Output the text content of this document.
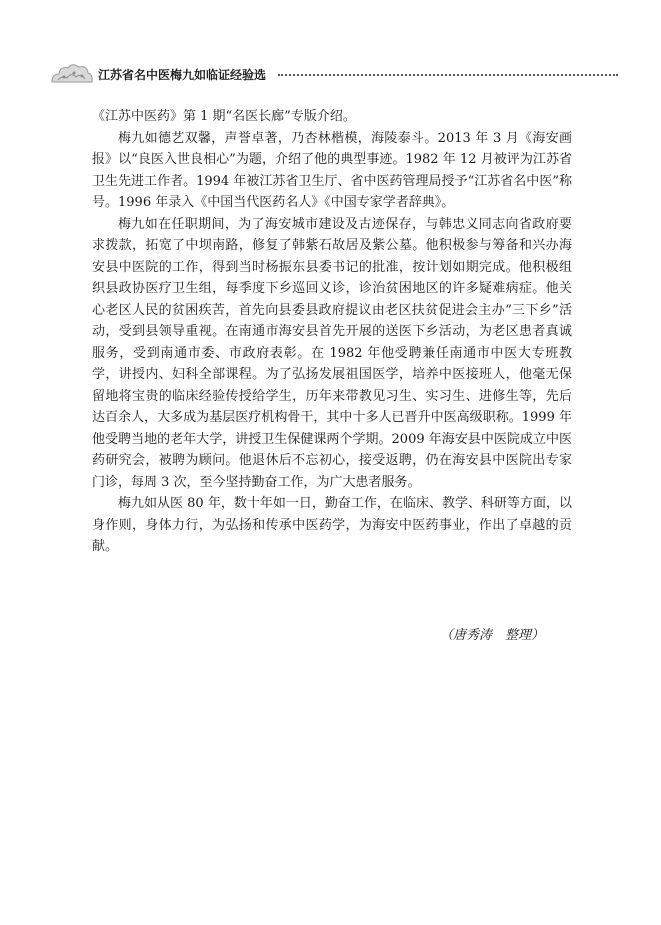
江苏省名中医梅九如临证经验选

《江苏中医药》第 1 期“名医长廊”专版介绍。

梅九如德艺双馨，声誉卓著，乃杏林楷模，海陵泰斗。2013 年 3 月《海安画报》以“良医入世良相心”为题，介绍了他的典型事迹。1982 年 12 月被评为江苏省卫生先进工作者。1994 年被江苏省卫生厅、省中医药管理局授予“江苏省名中医”称号。1996 年录入《中国当代医药名人》《中国专家学者辞典》。

梅九如在任职期间，为了海安城市建设及古迹保存，与韩忠义同志向省政府要求拨款，拓宽了中坝南路，修复了韩紫石故居及紫公墓。他积极参与筹备和兴办海安县中医院的工作，得到当时杨振东县委书记的批准，按计划如期完成。他积极组织县政协医疗卫生组，每季度下乡巡回义诊，诊治贫困地区的许多疑难病症。他关心老区人民的贫困疾苦，首先向县委县政府提议由老区扶贫促进会主办“三下乡”活动，受到县领导重视。在南通市海安县首先开展的送医下乡活动，为老区患者真诚服务，受到南通市委、市政府表彰。在 1982 年他受聘兼任南通市中医大专班教学，讲授内、妇科全部课程。为了弘扬发展祖国医学，培养中医接班人，他毫无保留地将宝贵的临床经验传授给学生，历年来带教见习生、实习生、进修生等，先后达百余人，大多成为基层医疗机构骨干，其中十多人已晋升中医高级职称。1999 年他受聘当地的老年大学，讲授卫生保健课两个学期。2009 年海安县中医院成立中医药研究会，被聘为顾问。他退休后不忘初心，接受返聘，仍在海安县中医院出专家门诊，每周 3 次，至今坚持勤奋工作，为广大患者服务。

梅九如从医 80 年，数十年如一日，勤奋工作，在临床、教学、科研等方面，以身作则，身体力行，为弘扬和传承中医药学，为海安中医药事业，作出了卓越的贡献。

（唐秀涛　整理）
